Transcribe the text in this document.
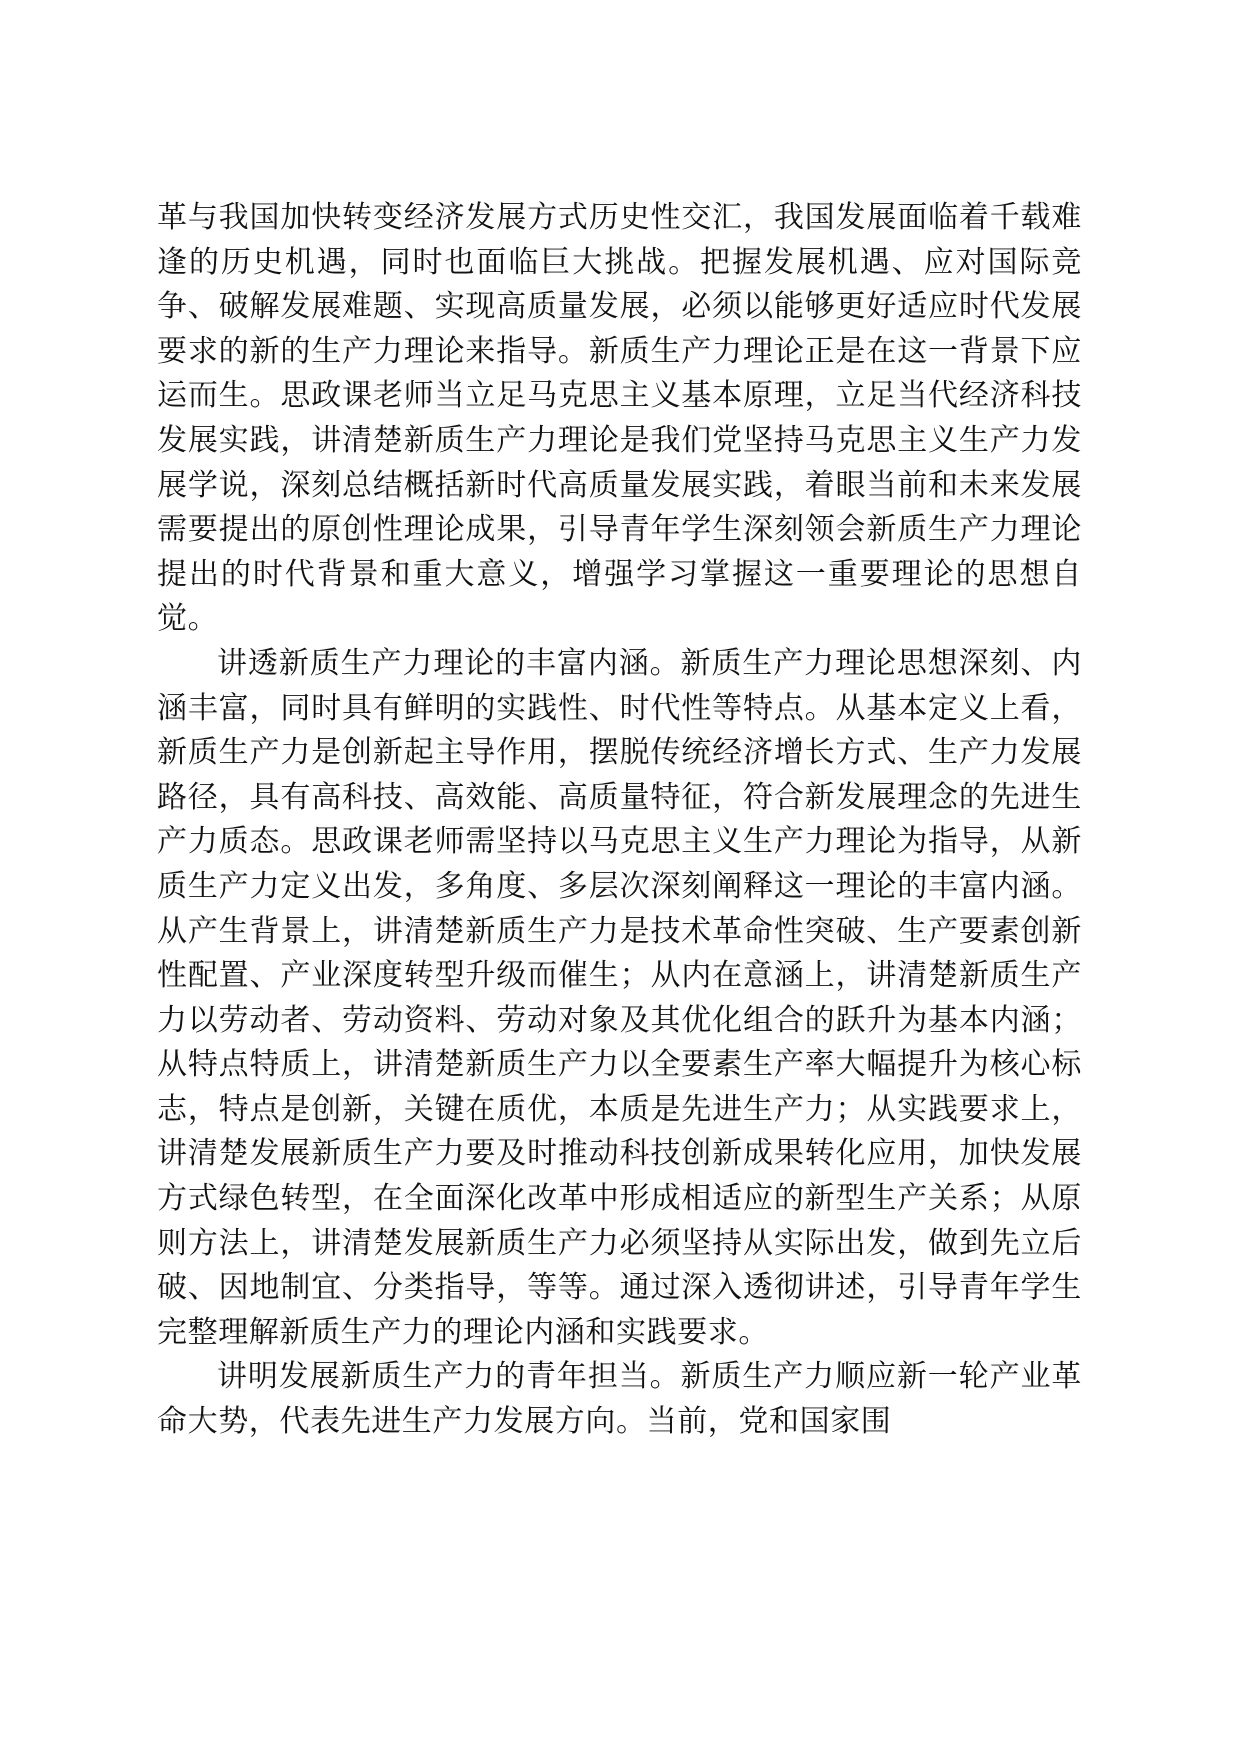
革与我国加快转变经济发展方式历史性交汇，我国发展面临着千载难逢的历史机遇，同时也面临巨大挑战。把握发展机遇、应对国际竞争、破解发展难题、实现高质量发展，必须以能够更好适应时代发展要求的新的生产力理论来指导。新质生产力理论正是在这一背景下应运而生。思政课老师当立足马克思主义基本原理，立足当代经济科技发展实践，讲清楚新质生产力理论是我们党坚持马克思主义生产力发展学说，深刻总结概括新时代高质量发展实践，着眼当前和未来发展需要提出的原创性理论成果，引导青年学生深刻领会新质生产力理论提出的时代背景和重大意义，增强学习掌握这一重要理论的思想自觉。

讲透新质生产力理论的丰富内涵。新质生产力理论思想深刻、内涵丰富，同时具有鲜明的实践性、时代性等特点。从基本定义上看，新质生产力是创新起主导作用，摆脱传统经济增长方式、生产力发展路径，具有高科技、高效能、高质量特征，符合新发展理念的先进生产力质态。思政课老师需坚持以马克思主义生产力理论为指导，从新质生产力定义出发，多角度、多层次深刻阐释这一理论的丰富内涵。从产生背景上，讲清楚新质生产力是技术革命性突破、生产要素创新性配置、产业深度转型升级而催生；从内在意涵上，讲清楚新质生产力以劳动者、劳动资料、劳动对象及其优化组合的跃升为基本内涵；从特点特质上，讲清楚新质生产力以全要素生产率大幅提升为核心标志，特点是创新，关键在质优，本质是先进生产力；从实践要求上，讲清楚发展新质生产力要及时推动科技创新成果转化应用，加快发展方式绿色转型，在全面深化改革中形成相适应的新型生产关系；从原则方法上，讲清楚发展新质生产力必须坚持从实际出发，做到先立后破、因地制宜、分类指导，等等。通过深入透彻讲述，引导青年学生完整理解新质生产力的理论内涵和实践要求。

讲明发展新质生产力的青年担当。新质生产力顺应新一轮产业革命大势，代表先进生产力发展方向。当前，党和国家围
